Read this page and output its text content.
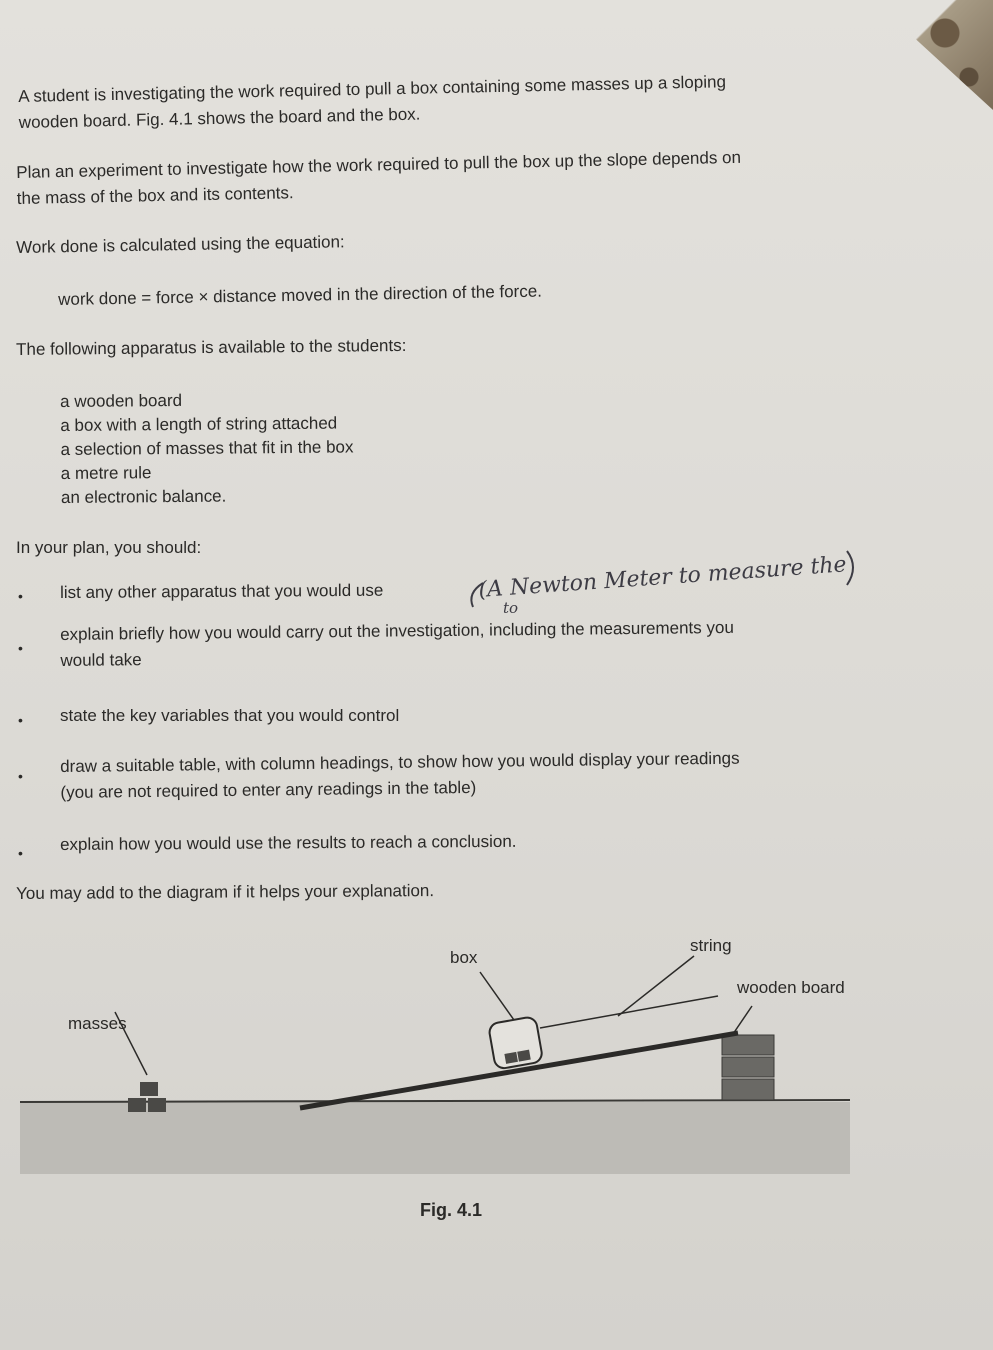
A student is investigating the work required to pull a box containing some masses up a sloping
wooden board. Fig. 4.1 shows the board and the box.
Plan an experiment to investigate how the work required to pull the box up the slope depends on
the mass of the box and its contents.
Work done is calculated using the equation:
work done = force × distance moved in the direction of the force.
The following apparatus is available to the students:
a wooden board
a box with a length of string attached
a selection of masses that fit in the box
a metre rule
an electronic balance.
In your plan, you should:
• list any other apparatus that you would use
•
explain briefly how you would carry out the investigation, including the measurements you
would take
• state the key variables that you would control
•
draw a suitable table, with column headings, to show how you would display your readings
(you are not required to enter any readings in the table)
• explain how you would use the results to reach a conclusion.
You may add to the diagram if it helps your explanation.
(A Newton Meter to measure the
to
box
string
wooden board
masses
Fig. 4.1
